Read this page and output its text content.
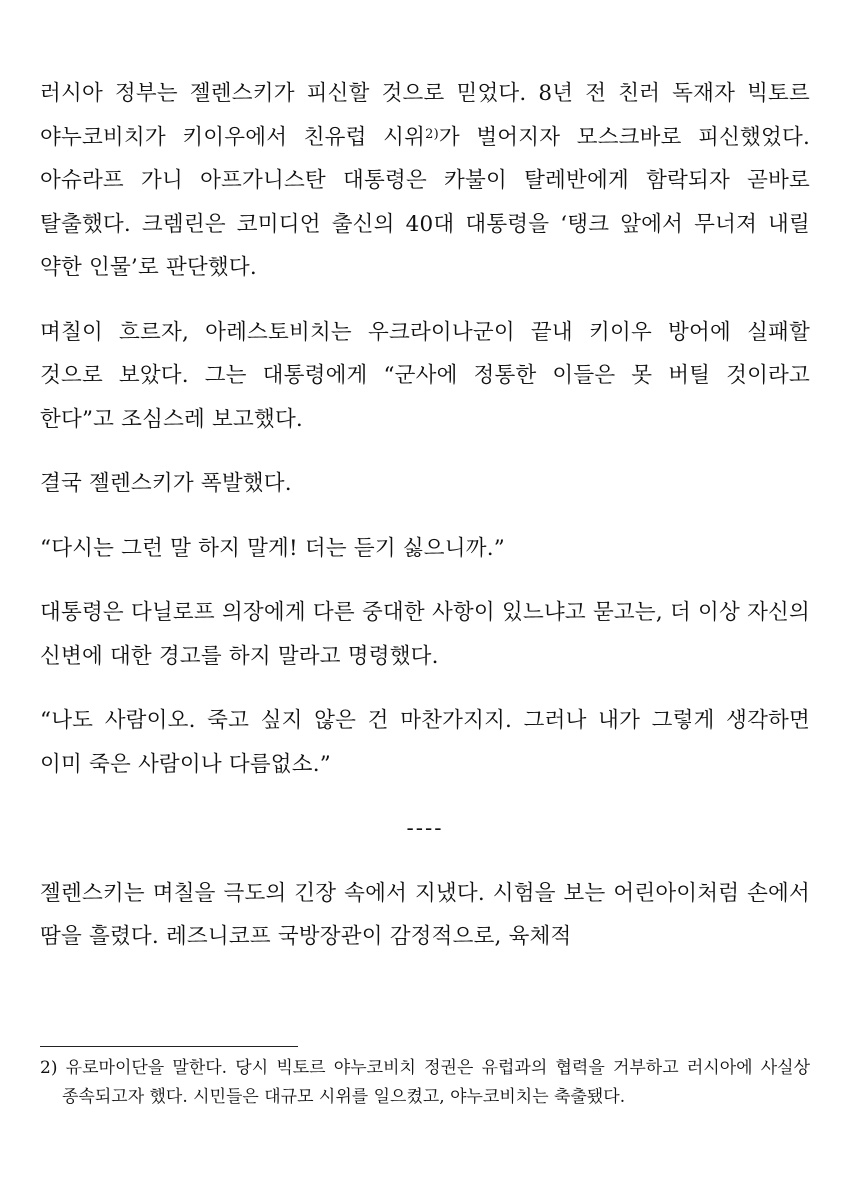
러시아 정부는 젤렌스키가 피신할 것으로 믿었다. 8년 전 친러 독재자 빅토르 야누코비치가 키이우에서 친유럽 시위$^{2)}$가 벌어지자 모스크바로 피신했었다. 아슈라프 가니 아프가니스탄 대통령은 카불이 탈레반에게 함락되자 곧바로 탈출했다. 크렘린은 코미디언 출신의 40대 대통령을 ‘탱크 앞에서 무너져 내릴 약한 인물’로 판단했다.

며칠이 흐르자, 아레스토비치는 우크라이나군이 끝내 키이우 방어에 실패할 것으로 보았다. 그는 대통령에게 “군사에 정통한 이들은 못 버틸 것이라고 한다”고 조심스레 보고했다.

결국 젤렌스키가 폭발했다.

“다시는 그런 말 하지 말게! 더는 듣기 싫으니까.”

대통령은 다닐로프 의장에게 다른 중대한 사항이 있느냐고 묻고는, 더 이상 자신의 신변에 대한 경고를 하지 말라고 명령했다.

“나도 사람이오. 죽고 싶지 않은 건 마찬가지지. 그러나 내가 그렇게 생각하면 이미 죽은 사람이나 다름없소.”

----

젤렌스키는 며칠을 극도의 긴장 속에서 지냈다. 시험을 보는 어린아이처럼 손에서 땀을 흘렸다. 레즈니코프 국방장관이 감정적으로, 육체적

2) 유로마이단을 말한다. 당시 빅토르 야누코비치 정권은 유럽과의 협력을 거부하고 러시아에 사실상 종속되고자 했다. 시민들은 대규모 시위를 일으켰고, 야누코비치는 축출됐다.
